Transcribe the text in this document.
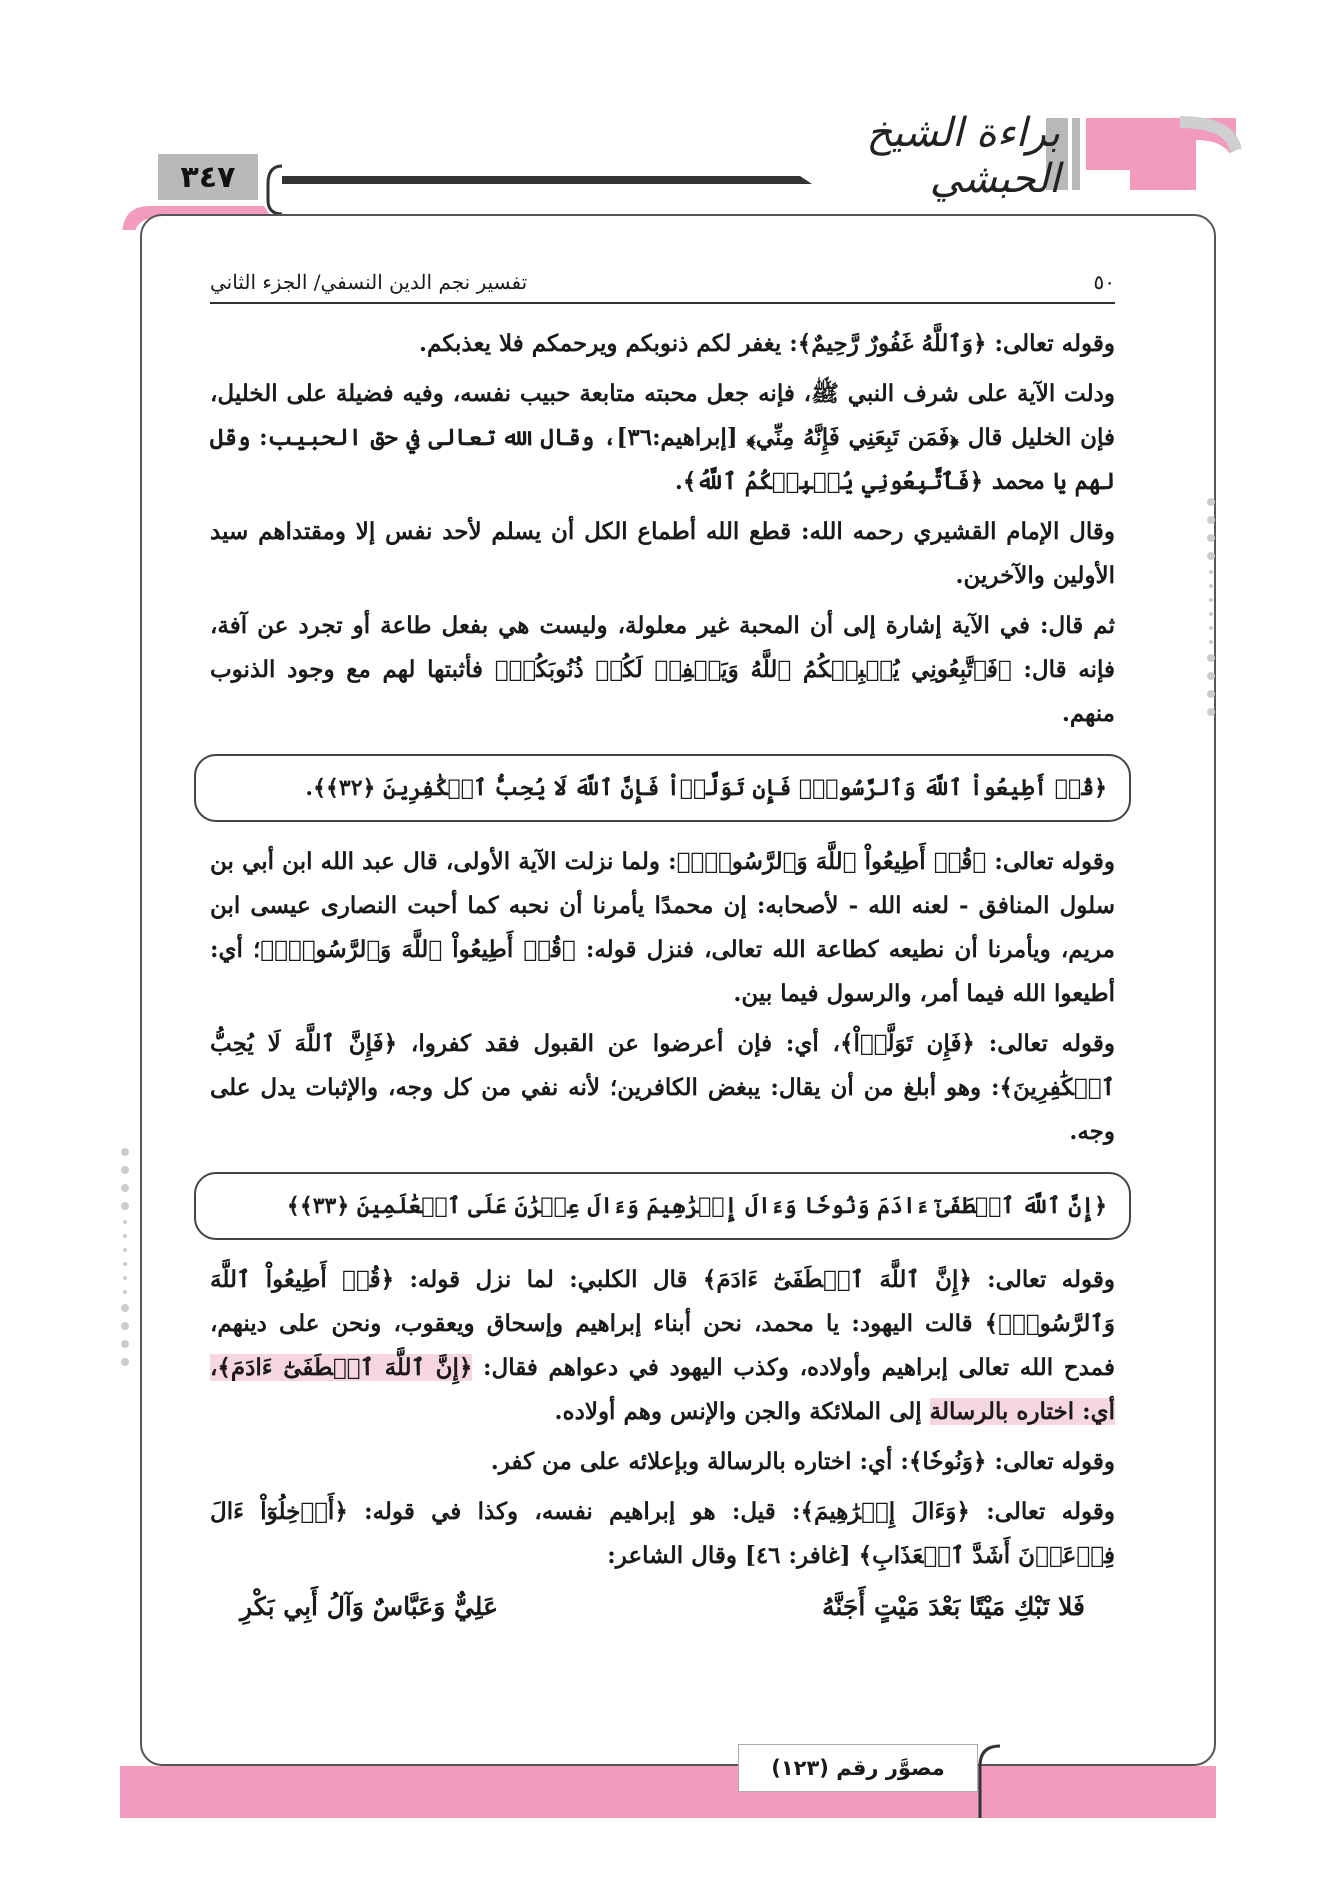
٣٤٧
براءة الشيخ الحبشي
٥٠
تفسير نجم الدين النسفي/ الجزء الثاني

وقوله تعالى: ﴿وَٱللَّهُ غَفُورٌ رَّحِيمٌ﴾: يغفر لكم ذنوبكم ويرحمكم فلا يعذبكم.

ودلت الآية على شرف النبي ﷺ، فإنه جعل محبته متابعة حبيب نفسه، وفيه فضيلة على الخليل، فإن الخليل قال ﴿فَمَن تَبِعَنِي فَإِنَّهُ مِنِّي﴾ [إبراهيم:٣٦]، وقال الله تعالى في حق الحبيب: وقل لهم يا محمد ﴿فَٱتَّبِعُونِي يُحۡبِبۡكُمُ ٱللَّهُ﴾.

وقال الإمام القشيري رحمه الله: قطع الله أطماع الكل أن يسلم لأحد نفس إلا ومقتداهم سيد الأولين والآخرين.

ثم قال: في الآية إشارة إلى أن المحبة غير معلولة، وليست هي بفعل طاعة أو تجرد عن آفة، فإنه قال: ﴿فَٱتَّبِعُونِي يُحۡبِبۡكُمُ ٱللَّهُ وَيَغۡفِرۡ لَكُمۡ ذُنُوبَكُمۡ﴾ فأثبتها لهم مع وجود الذنوب منهم.

﴿قُلۡ أَطِيعُواْ ٱللَّهَ وَٱلرَّسُولَۖ فَإِن تَوَلَّوۡاْ فَإِنَّ ٱللَّهَ لَا يُحِبُّ ٱلۡكَٰفِرِينَ ﴿٣٢﴾﴾.

وقوله تعالى: ﴿قُلۡ أَطِيعُواْ ٱللَّهَ وَٱلرَّسُولَۖ﴾: ولما نزلت الآية الأولى، قال عبد الله ابن أبي بن سلول المنافق - لعنه الله - لأصحابه: إن محمدًا يأمرنا أن نحبه كما أحبت النصارى عيسى ابن مريم، ويأمرنا أن نطيعه كطاعة الله تعالى، فنزل قوله: ﴿قُلۡ أَطِيعُواْ ٱللَّهَ وَٱلرَّسُولَۖ﴾؛ أي: أطيعوا الله فيما أمر، والرسول فيما بين.

وقوله تعالى: ﴿فَإِن تَوَلَّوۡاْ﴾، أي: فإن أعرضوا عن القبول فقد كفروا، ﴿فَإِنَّ ٱللَّهَ لَا يُحِبُّ ٱلۡكَٰفِرِينَ﴾: وهو أبلغ من أن يقال: يبغض الكافرين؛ لأنه نفي من كل وجه، والإثبات يدل على وجه.

﴿إِنَّ ٱللَّهَ ٱصۡطَفَىٰٓ ءَادَمَ وَنُوحٗا وَءَالَ إِبۡرَٰهِيمَ وَءَالَ عِمۡرَٰنَ عَلَى ٱلۡعَٰلَمِينَ ﴿٣٣﴾﴾

وقوله تعالى: ﴿إِنَّ ٱللَّهَ ٱصۡطَفَىٰٓ ءَادَمَ﴾ قال الكلبي: لما نزل قوله: ﴿قُلۡ أَطِيعُواْ ٱللَّهَ وَٱلرَّسُولَۖ﴾ قالت اليهود: يا محمد، نحن أبناء إبراهيم وإسحاق ويعقوب، ونحن على دينهم، فمدح الله تعالى إبراهيم وأولاده، وكذب اليهود في دعواهم فقال: ﴿إِنَّ ٱللَّهَ ٱصۡطَفَىٰٓ ءَادَمَ﴾، أي: اختاره بالرسالة إلى الملائكة والجن والإنس وهم أولاده.

وقوله تعالى: ﴿وَنُوحٗا﴾: أي: اختاره بالرسالة وبإعلائه على من كفر.

وقوله تعالى: ﴿وَءَالَ إِبۡرَٰهِيمَ﴾: قيل: هو إبراهيم نفسه، وكذا في قوله: ﴿أَدۡخِلُوٓاْ ءَالَ فِرۡعَوۡنَ أَشَدَّ ٱلۡعَذَابِ﴾ [غافر: ٤٦] وقال الشاعر:

فَلا تَبْكِ مَيْتًا بَعْدَ مَيْتٍ أَجَنَّهُ
عَلِيٌّ وَعَبَّاسٌ وَآلُ أَبِي بَكْرِ
مصوَّر رقم (١٢٣)
